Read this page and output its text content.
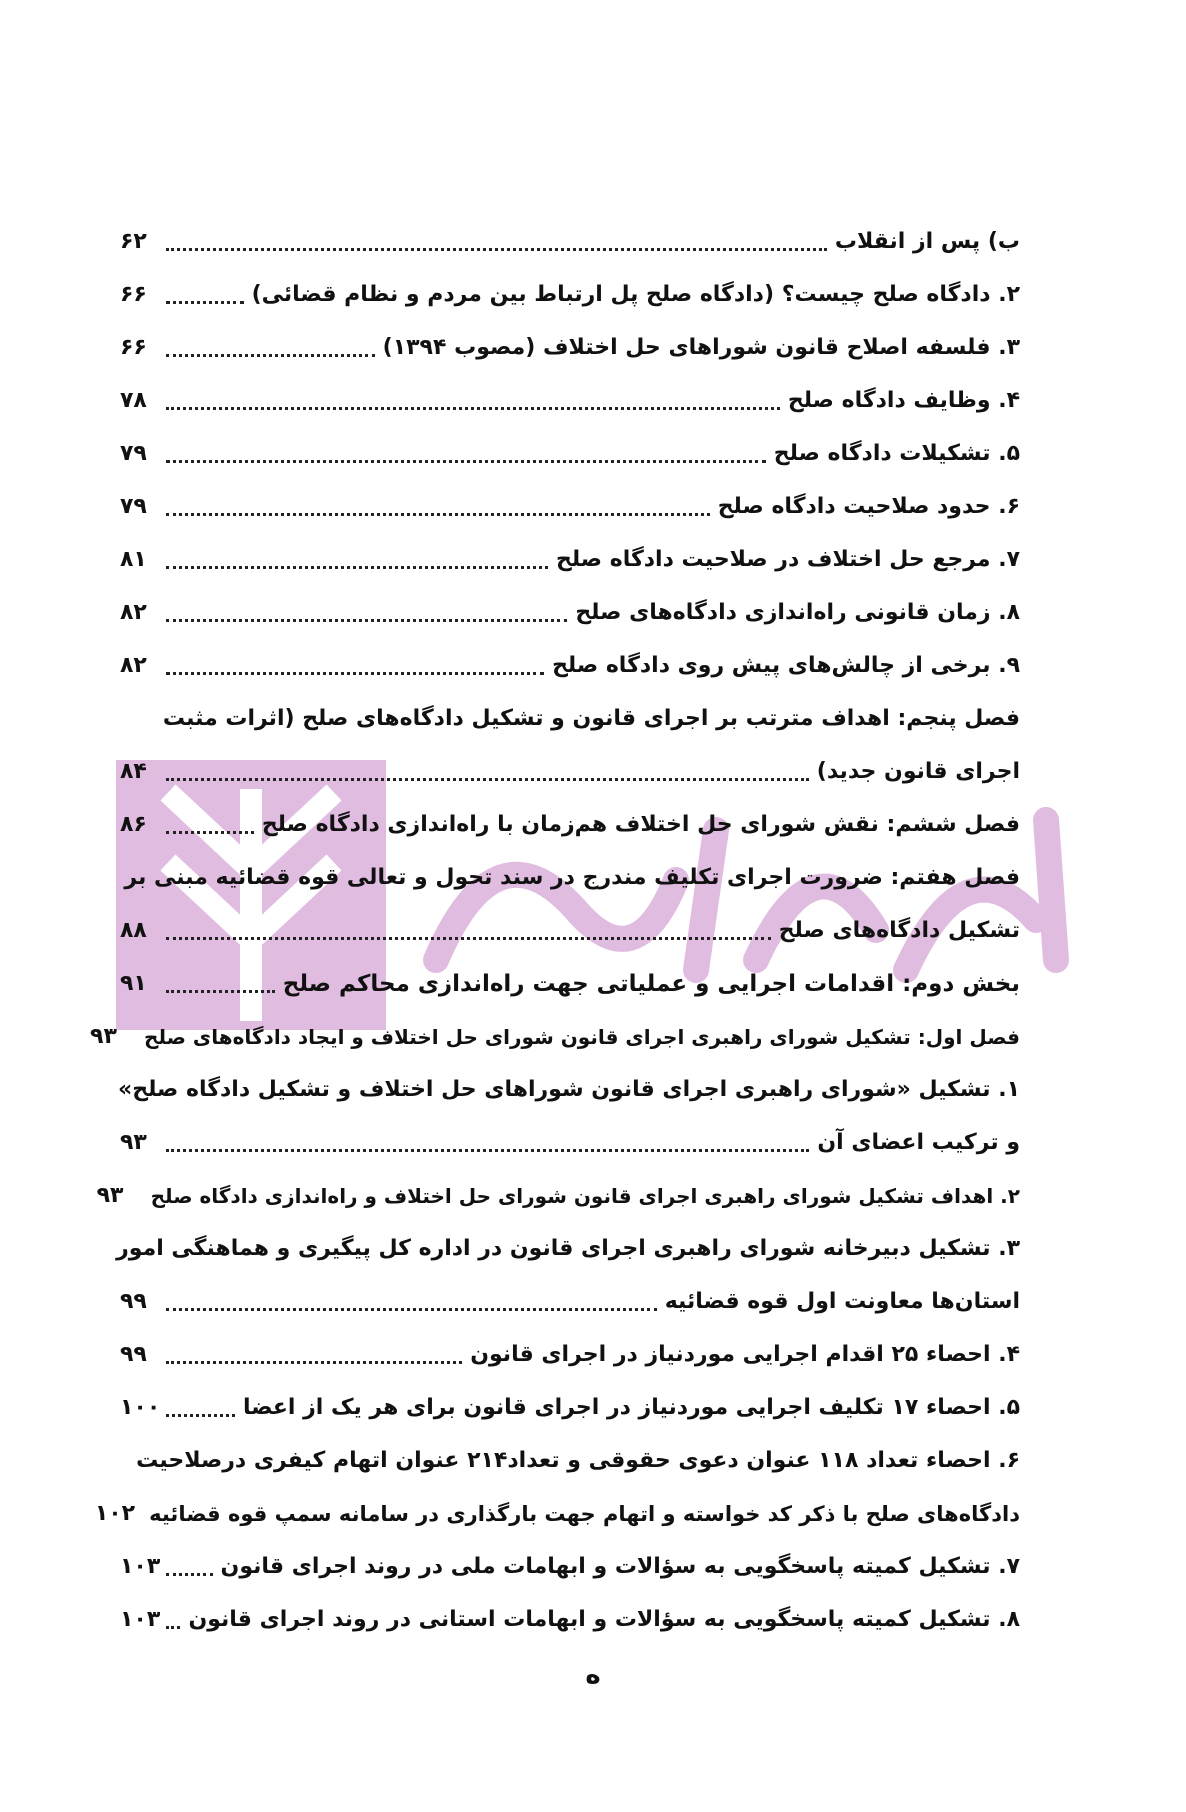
ب) پس از انقلاب
۶۲
۲. دادگاه صلح چیست؟ (دادگاه صلح پل ارتباط بین مردم و نظام قضائی)
۶۶
۳. فلسفه اصلاح قانون شوراهای حل اختلاف (مصوب ۱۳۹۴)
۶۶
۴. وظایف دادگاه صلح
۷۸
۵. تشکیلات دادگاه صلح
۷۹
۶. حدود صلاحیت دادگاه صلح
۷۹
۷. مرجع حل اختلاف در صلاحیت دادگاه صلح
۸۱
۸. زمان قانونی راه‌اندازی دادگاه‌های صلح
۸۲
۹. برخی از چالش‌های پیش روی دادگاه صلح
۸۲
فصل پنجم: اهداف مترتب بر اجرای قانون و تشکیل دادگاه‌های صلح (اثرات مثبت
اجرای قانون جدید)
۸۴
فصل ششم: نقش شورای حل اختلاف هم‌زمان با راه‌اندازی دادگاه صلح
۸۶
فصل هفتم: ضرورت اجرای تکلیف مندرج در سند تحول و تعالی قوه قضائیه مبنی بر
تشکیل دادگاه‌های صلح
۸۸
بخش دوم: اقدامات اجرایی و عملیاتی جهت راه‌اندازی محاکم صلح
۹۱
فصل اول: تشکیل شورای راهبری اجرای قانون شورای حل اختلاف و ایجاد دادگاه‌های صلح
۹۳
۱. تشکیل «شورای راهبری اجرای قانون شوراهای حل اختلاف و تشکیل دادگاه صلح»
و ترکیب اعضای آن
۹۳
۲. اهداف تشکیل شورای راهبری اجرای قانون شورای حل اختلاف و راه‌اندازی دادگاه صلح
۹۳
۳. تشکیل دبیرخانه شورای راهبری اجرای قانون در اداره کل پیگیری و هماهنگی امور
استان‌ها معاونت اول قوه قضائیه
۹۹
۴. احصاء ۲۵ اقدام اجرایی موردنیاز در اجرای قانون
۹۹
۵. احصاء ۱۷ تکلیف اجرایی موردنیاز در اجرای قانون برای هر یک از اعضا
۱۰۰
۶. احصاء تعداد ۱۱۸ عنوان دعوی حقوقی و تعداد۲۱۴ عنوان اتهام کیفری درصلاحیت
دادگاه‌های صلح با ذکر کد خواسته و اتهام جهت بارگذاری در سامانه سمپ قوه قضائیه
۱۰۲
۷. تشکیل کمیته پاسخگویی به سؤالات و ابهامات ملی در روند اجرای قانون
۱۰۳
۸. تشکیل کمیته پاسخگویی به سؤالات و ابهامات استانی در روند اجرای قانون
۱۰۳
ه
